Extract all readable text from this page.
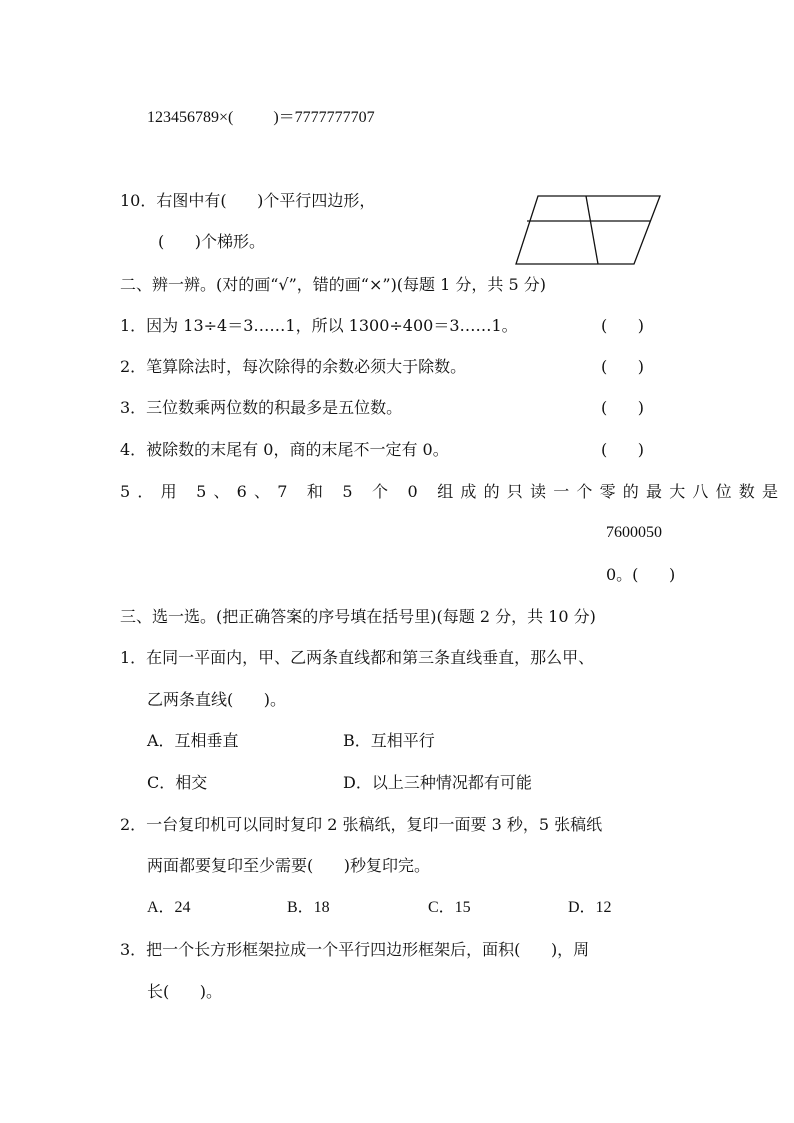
123456789×(          )＝7777777707
10．右图中有(      )个平行四边形，
(      )个梯形。
二、辨一辨。(对的画“√”，错的画“×”)(每题 1 分，共 5 分)
1．因为 13÷4＝3……1，所以 1300÷400＝3……1。	(      )
2．笔算除法时，每次除得的余数必须大于除数。	(      )
3．三位数乘两位数的积最多是五位数。	(      )
4．被除数的末尾有 0，商的末尾不一定有 0。	(      )
5．用 5、6、7 和 5 个 0 组成的只读一个零的最大八位数是
7600050
0。(      )
三、选一选。(把正确答案的序号填在括号里)(每题 2 分，共 10 分)
1．在同一平面内，甲、乙两条直线都和第三条直线垂直，那么甲、
乙两条直线(      )。
A．互相垂直	B．互相平行
C．相交	D．以上三种情况都有可能
2．一台复印机可以同时复印 2 张稿纸，复印一面要 3 秒，5 张稿纸
两面都要复印至少需要(      )秒复印完。
A．24	B．18	C．15	D．12
3．把一个长方形框架拉成一个平行四边形框架后，面积(      )，周
长(      )。
